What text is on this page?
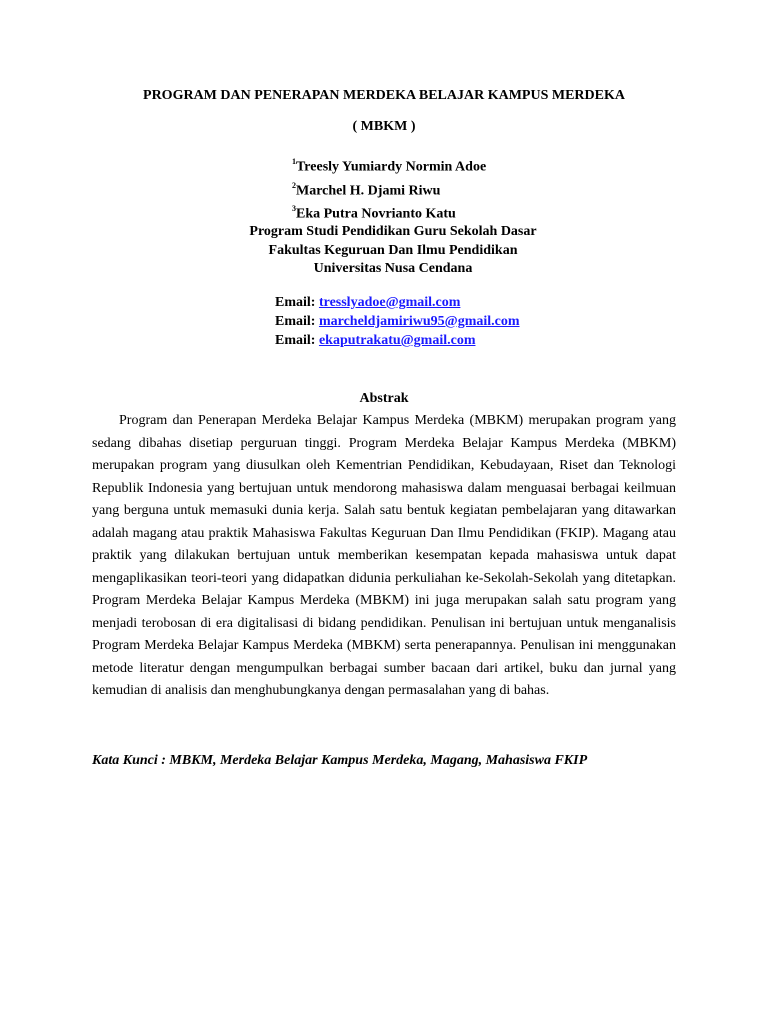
PROGRAM DAN PENERAPAN MERDEKA BELAJAR KAMPUS MERDEKA
( MBKM )
$^1$Treesly Yumiardy Normin Adoe
$^2$Marchel H. Djami Riwu
$^3$Eka Putra Novrianto Katu
Program Studi Pendidikan Guru Sekolah Dasar
Fakultas Keguruan Dan Ilmu Pendidikan
Universitas Nusa Cendana
Email: tresslyadoe@gmail.com
Email: marcheldjamiriwu95@gmail.com
Email: ekaputrakatu@gmail.com
Abstrak
Program dan Penerapan Merdeka Belajar Kampus Merdeka (MBKM) merupakan program yang sedang dibahas disetiap perguruan tinggi. Program Merdeka Belajar Kampus Merdeka (MBKM) merupakan program yang diusulkan oleh Kementrian Pendidikan, Kebudayaan, Riset dan Teknologi Republik Indonesia yang bertujuan untuk mendorong mahasiswa dalam menguasai berbagai keilmuan yang berguna untuk memasuki dunia kerja. Salah satu bentuk kegiatan pembelajaran yang ditawarkan adalah magang atau praktik Mahasiswa Fakultas Keguruan Dan Ilmu Pendidikan (FKIP). Magang atau praktik yang dilakukan bertujuan untuk memberikan kesempatan kepada mahasiswa untuk dapat mengaplikasikan teori-teori yang didapatkan didunia perkuliahan ke-Sekolah-Sekolah yang ditetapkan. Program Merdeka Belajar Kampus Merdeka (MBKM) ini juga merupakan salah satu program yang menjadi terobosan di era digitalisasi di bidang pendidikan. Penulisan ini bertujuan untuk menganalisis Program Merdeka Belajar Kampus Merdeka (MBKM) serta penerapannya. Penulisan ini menggunakan metode literatur dengan mengumpulkan berbagai sumber bacaan dari artikel, buku dan jurnal yang kemudian di analisis dan menghubungkanya dengan permasalahan yang di bahas.
Kata Kunci : MBKM, Merdeka Belajar Kampus Merdeka, Magang, Mahasiswa FKIP
